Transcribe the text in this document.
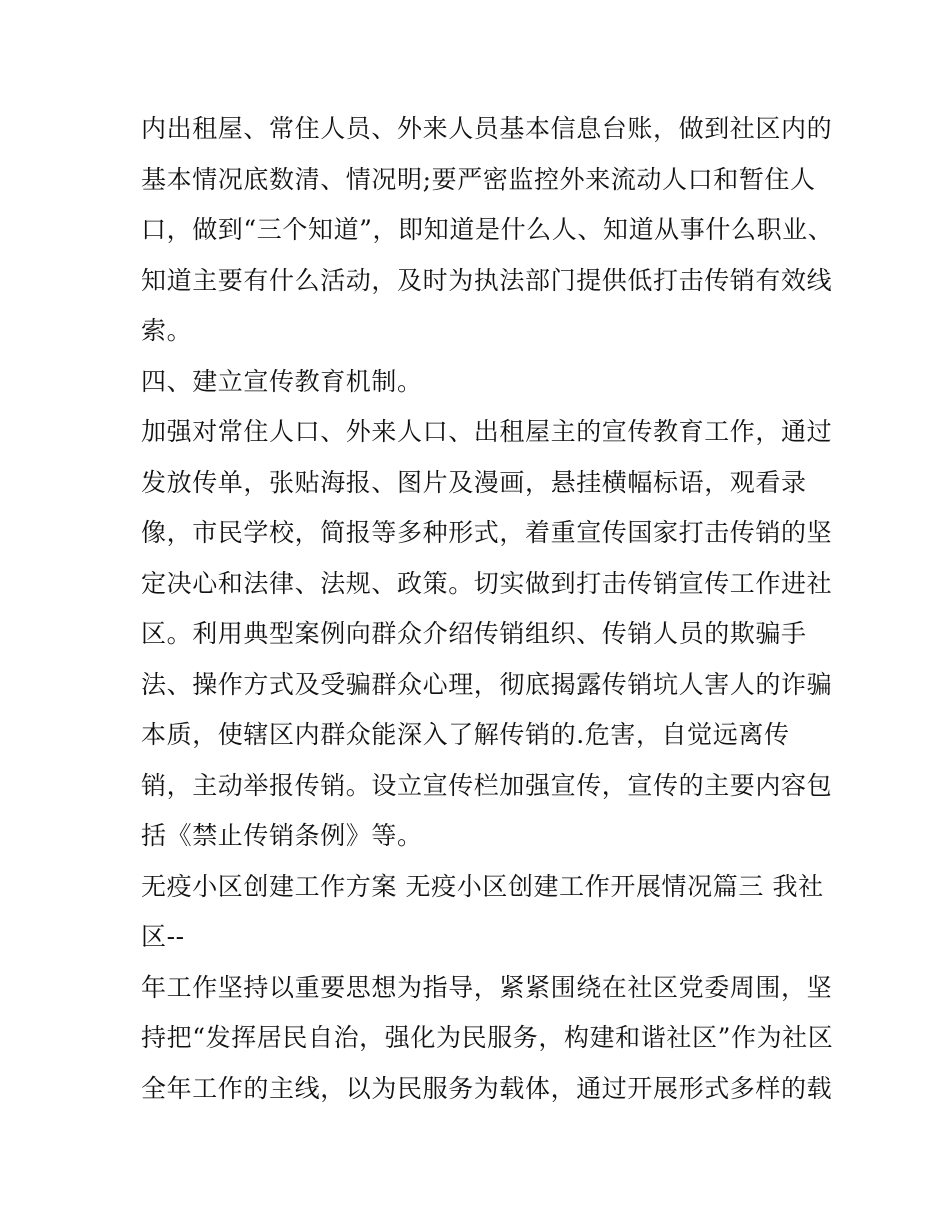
内出租屋、常住人员、外来人员基本信息台账，做到社区内的
基本情况底数清、情况明;要严密监控外来流动人口和暂住人
口，做到“三个知道”，即知道是什么人、知道从事什么职业、
知道主要有什么活动，及时为执法部门提供低打击传销有效线
索。
四、建立宣传教育机制。
加强对常住人口、外来人口、出租屋主的宣传教育工作，通过
发放传单，张贴海报、图片及漫画，悬挂横幅标语，观看录
像，市民学校，简报等多种形式，着重宣传国家打击传销的坚
定决心和法律、法规、政策。切实做到打击传销宣传工作进社
区。利用典型案例向群众介绍传销组织、传销人员的欺骗手
法、操作方式及受骗群众心理，彻底揭露传销坑人害人的诈骗
本质，使辖区内群众能深入了解传销的.危害，自觉远离传
销，主动举报传销。设立宣传栏加强宣传，宣传的主要内容包
括《禁止传销条例》等。
无疫小区创建工作方案 无疫小区创建工作开展情况篇三 我社
区--
年工作坚持以重要思想为指导，紧紧围绕在社区党委周围，坚
持把“发挥居民自治，强化为民服务，构建和谐社区”作为社区
全年工作的主线，以为民服务为载体，通过开展形式多样的载
